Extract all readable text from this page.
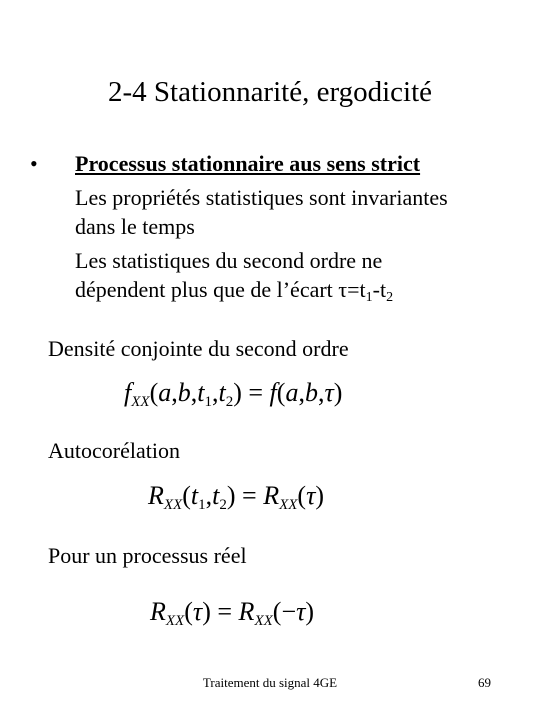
2-4 Stationnarité, ergodicité
• Processus stationnaire aus sens strict
Les propriétés statistiques sont invariantes
dans le temps
Les statistiques du second ordre ne
dépendent plus que de l’écart $\tau=t_1-t_2$
Densité conjointe du second ordre
$f_{XX}(a,b,t_1,t_2) = f(a,b,\tau)$
Autocorélation
$R_{XX}(t_1,t_2) = R_{XX}(\tau)$
Pour un processus réel
$R_{XX}(\tau) = R_{XX}(-\tau)$
Traitement du signal 4GE	69
